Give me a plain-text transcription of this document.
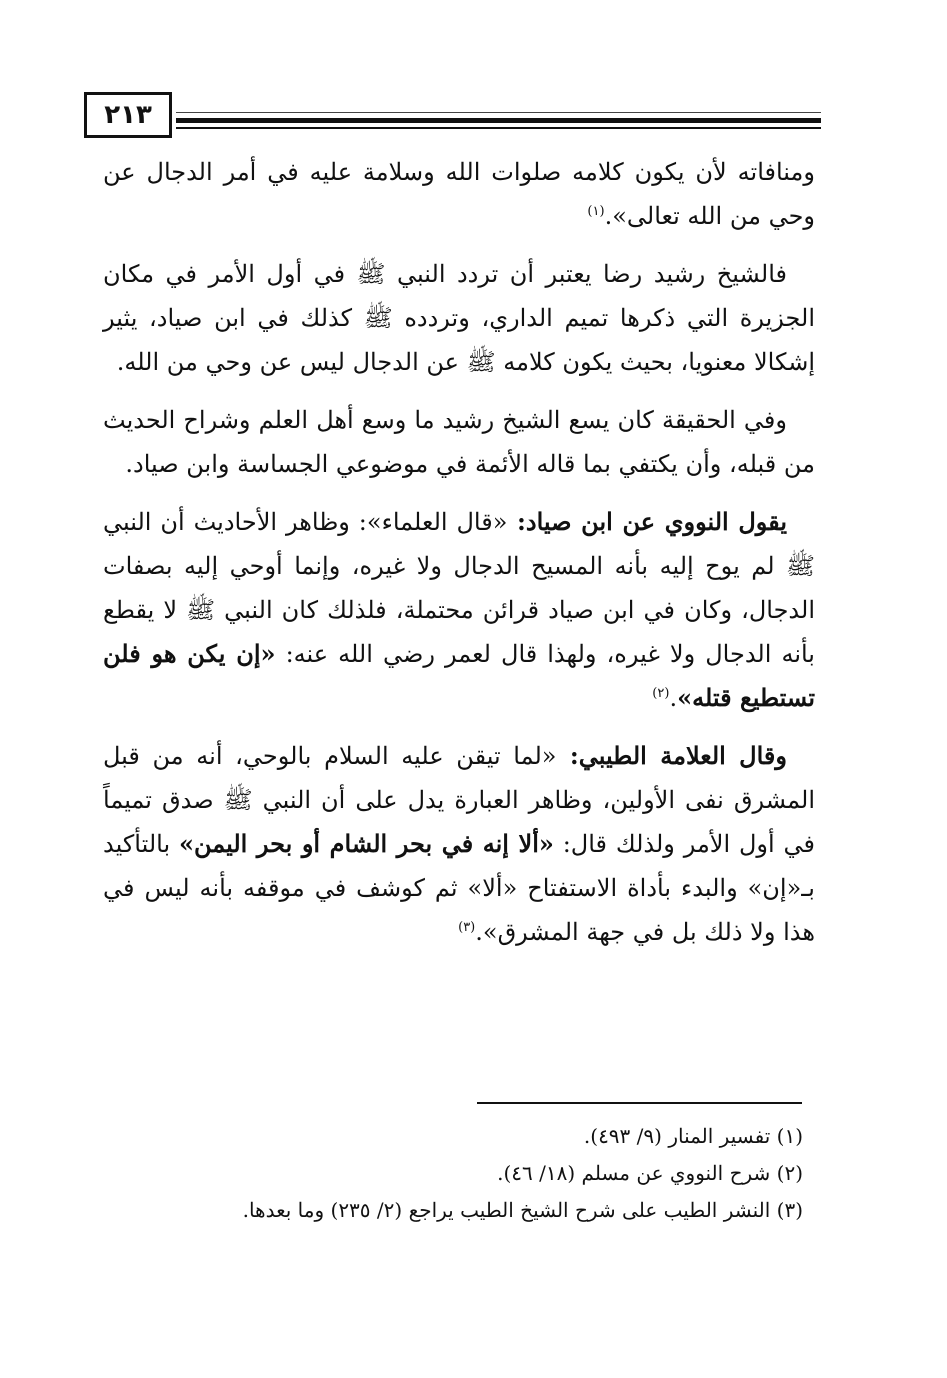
٢١٣

ومنافاته لأن يكون كلامه صلوات الله وسلامة عليه في أمر الدجال عن وحي من الله تعالى».$^{(١)}$

فالشيخ رشيد رضا يعتبر أن تردد النبي ﷺ في أول الأمر في مكان الجزيرة التي ذكرها تميم الداري، وتردده ﷺ كذلك في ابن صياد، يثير إشكالا معنويا، بحيث يكون كلامه ﷺ عن الدجال ليس عن وحي من الله.

وفي الحقيقة كان يسع الشيخ رشيد ما وسع أهل العلم وشراح الحديث من قبله، وأن يكتفي بما قاله الأئمة في موضوعي الجساسة وابن صياد.

يقول النووي عن ابن صياد: «قال العلماء»: وظاهر الأحاديث أن النبي ﷺ لم يوح إليه بأنه المسيح الدجال ولا غيره، وإنما أوحي إليه بصفات الدجال، وكان في ابن صياد قرائن محتملة، فلذلك كان النبي ﷺ لا يقطع بأنه الدجال ولا غيره، ولهذا قال لعمر رضي الله عنه: «إن يكن هو فلن تستطيع قتله».$^{(٢)}$

وقال العلامة الطيبي: «لما تيقن عليه السلام بالوحي، أنه من قبل المشرق نفى الأولين، وظاهر العبارة يدل على أن النبي ﷺ صدق تميماً في أول الأمر ولذلك قال: «ألا إنه في بحر الشام أو بحر اليمن» بالتأكيد بـ«إن» والبدء بأداة الاستفتاح «ألا» ثم كوشف في موقفه بأنه ليس في هذا ولا ذلك بل في جهة المشرق».$^{(٣)}$

(١) تفسير المنار (٩/ ٤٩٣).

(٢) شرح النووي عن مسلم (١٨/ ٤٦).

(٣) النشر الطيب على شرح الشيخ الطيب يراجع (٢/ ٢٣٥) وما بعدها.
